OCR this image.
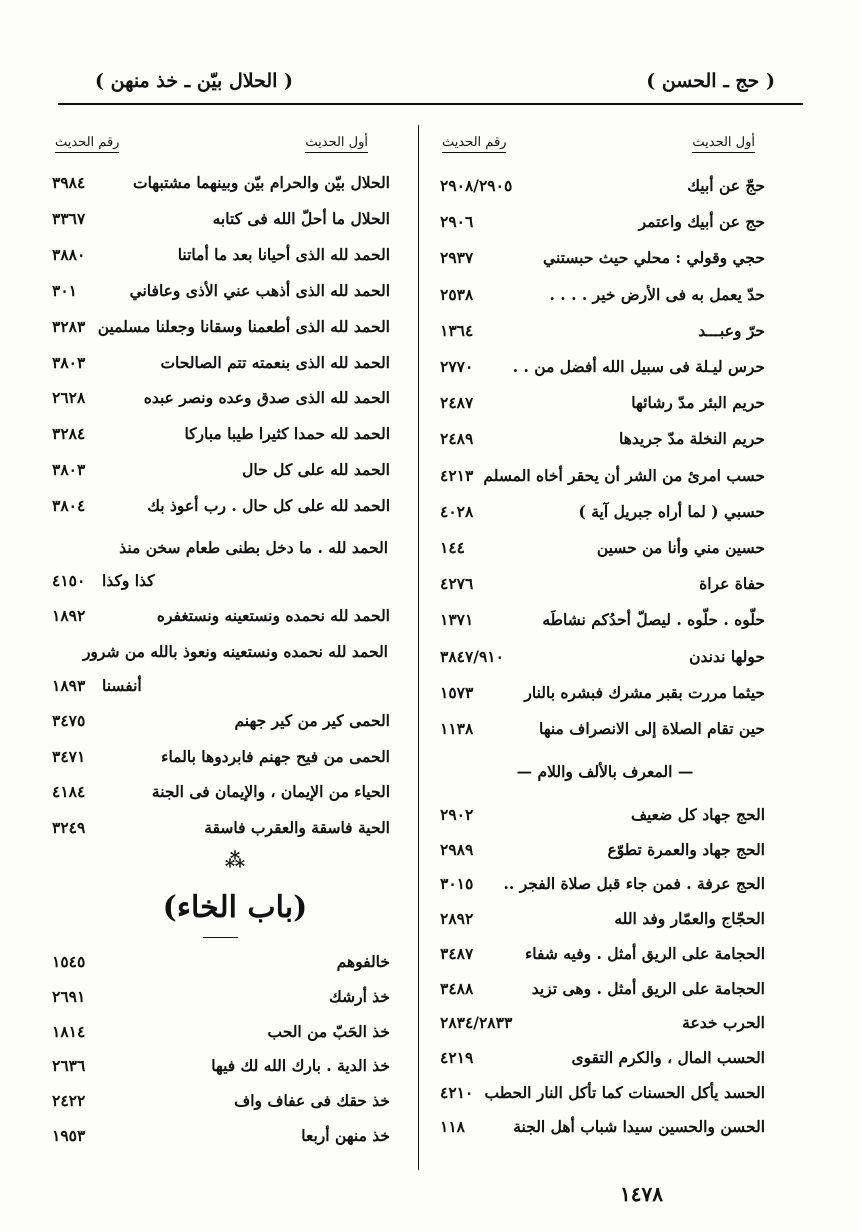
( حج ـ الحسن )
( الحلال بيّن ـ خذ منهن )
أول الحديث
رقم الحديث
أول الحديث
رقم الحديث
— المعرف بالألف واللام —
الحمد لله . ما دخل بطنى طعام سخن منذ
كذا وكذا
٤١٥٠
الحمد لله نحمده ونستعينه ونعوذ بالله من شرور
أنفسنا
١٨٩٣
⁂
(باب الخاء)
١٤٧٨
حجّ عن أبيك
٢٩٠٨/٢٩٠٥
حج عن أبيك واعتمر
٢٩٠٦
حجي وقولي : محلي حيث حبستني
٢٩٣٧
حدّ يعمل به فى الأرض خير . . . .
٢٥٣٨
حرّ وعبـــد
١٣٦٤
حرس ليـلة فى سبيل الله أفضل من . .
٢٧٧٠
حريم البئر مدّ رشائها
٢٤٨٧
حريم النخلة مدّ جريدها
٢٤٨٩
حسب امرئ من الشر أن يحقر أخاه المسلم
٤٢١٣
حسبي ( لما أراه جبريل آية )
٤٠٢٨
حسين مني وأنا من حسين
١٤٤
حفاة عراة
٤٢٧٦
حلّوه . حلّوه . ليصلّ أحدُكم نشاطَه
١٣٧١
حولها ندندن
٣٨٤٧/٩١٠
حيثما مررت بقبر مشرك فبشره بالنار
١٥٧٣
حين تقام الصلاة إلى الانصراف منها
١١٣٨
الحج جهاد كل ضعيف
٢٩٠٢
الحج جهاد والعمرة تطوّع
٢٩٨٩
الحج عرفة . فمن جاء قبل صلاة الفجر ..
٣٠١٥
الحجّاج والعمّار وفد الله
٢٨٩٢
الحجامة على الريق أمثل . وفيه شفاء
٣٤٨٧
الحجامة على الريق أمثل . وهى تزيد
٣٤٨٨
الحرب خدعة
٢٨٣٤/٢٨٣٣
الحسب المال ، والكرم التقوى
٤٢١٩
الحسد يأكل الحسنات كما تأكل النار الحطب
٤٢١٠
الحسن والحسين سيدا شباب أهل الجنة
١١٨
الحلال بيّن والحرام بيّن وبينهما مشتبهات
٣٩٨٤
الحلال ما أحلّ الله فى كتابه
٣٣٦٧
الحمد لله الذى أحيانا بعد ما أماتنا
٣٨٨٠
الحمد لله الذى أذهب عني الأذى وعافاني
٣٠١
الحمد لله الذى أطعمنا وسقانا وجعلنا مسلمين
٣٢٨٣
الحمد لله الذى بنعمته تتم الصالحات
٣٨٠٣
الحمد لله الذى صدق وعده ونصر عبده
٢٦٢٨
الحمد لله حمدا كثيرا طيبا مباركا
٣٢٨٤
الحمد لله على كل حال
٣٨٠٣
الحمد لله على كل حال . رب أعوذ بك
٣٨٠٤
الحمد لله نحمده ونستعينه ونستغفره
١٨٩٢
الحمى كير من كير جهنم
٣٤٧٥
الحمى من فيح جهنم فابردوها بالماء
٣٤٧١
الحياء من الإيمان ، والإيمان فى الجنة
٤١٨٤
الحية فاسقة والعقرب فاسقة
٣٢٤٩
خالفوهم
١٥٤٥
خذ أرشك
٢٦٩١
خذ الحَبّ من الحب
١٨١٤
خذ الدية . بارك الله لك فيها
٢٦٣٦
خذ حقك فى عفاف واف
٢٤٢٢
خذ منهن أربعا
١٩٥٣
